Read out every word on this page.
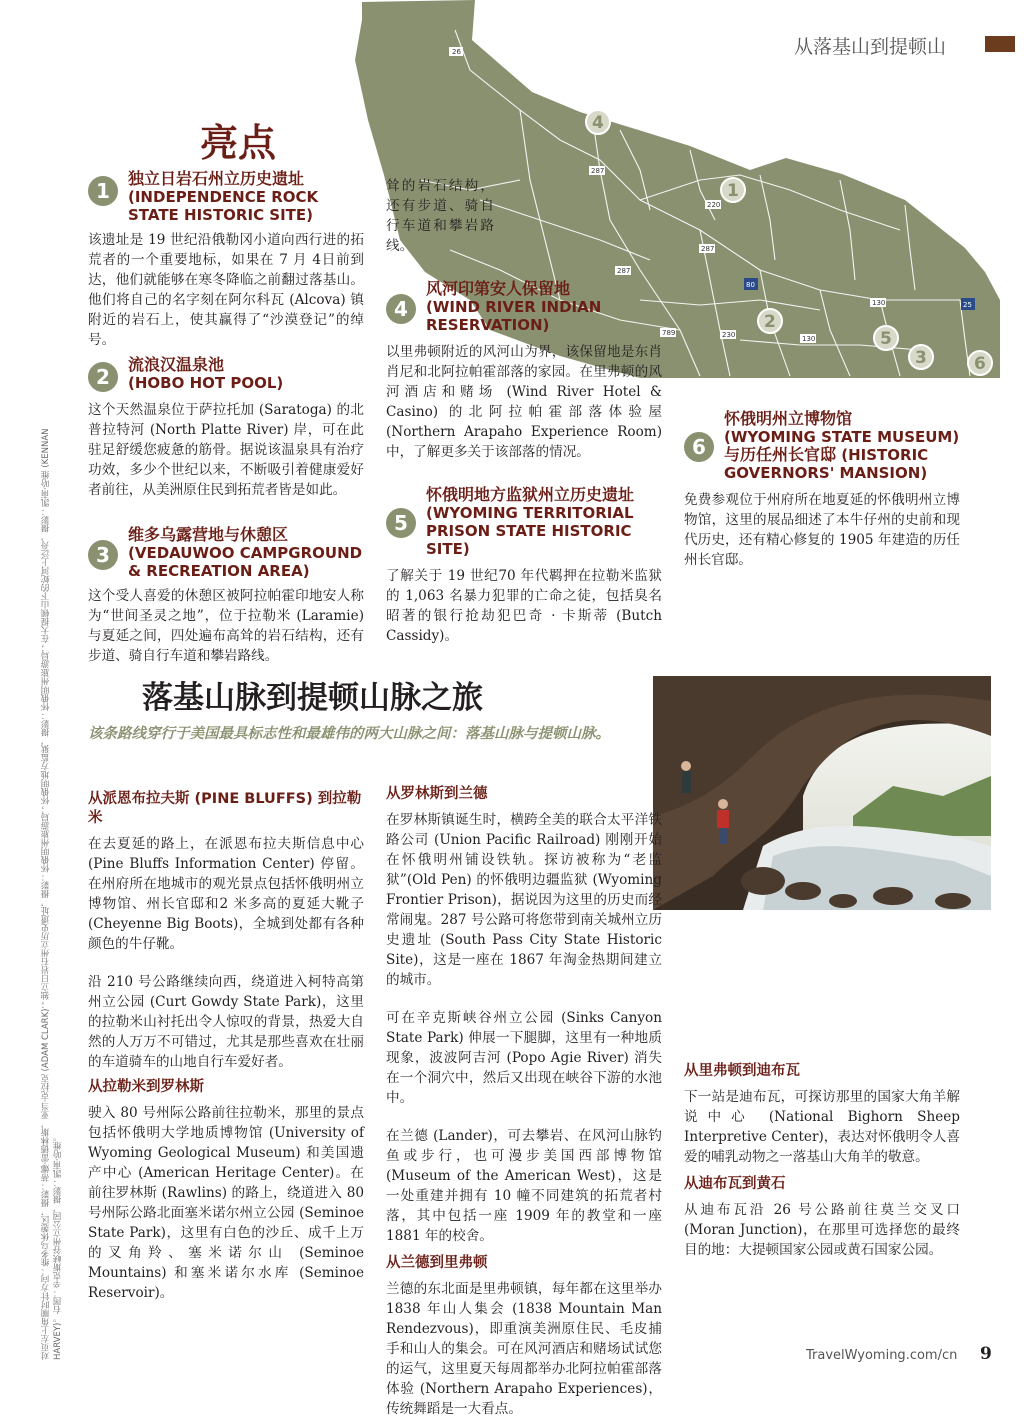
从落基山到提顿山
26
287
220
287
80
130
30
25
789
130
230
287
80
4
1
2
5
3	6
亮点
1

独立日岩石州立历史遗址

(INDEPENDENCE ROCK STATE HISTORIC SITE)

该遗址是 19 世纪沿俄勒冈小道向西行进的拓荒者的一个重要地标，如果在 7 月 4日前到达，他们就能够在寒冬降临之前翻过落基山。他们将自己的名字刻在阿尔科瓦 (Alcova) 镇附近的岩石上，使其赢得了“沙漠登记”的绰号。

2

流浪汉温泉池

(HOBO HOT POOL)

这个天然温泉位于萨拉托加 (Saratoga) 的北普拉特河 (North Platte River) 岸，可在此驻足舒缓您疲惫的筋骨。据说该温泉具有治疗功效，多少个世纪以来，不断吸引着健康爱好者前往，从美洲原住民到拓荒者皆是如此。

3

维多乌露营地与休憩区

(VEDAUWOO CAMPGROUND & RECREATION AREA)

这个受人喜爱的休憩区被阿拉帕霍印地安人称为“世间圣灵之地”，位于拉勒米 (Laramie) 与夏延之间，四处遍布高耸的岩石结构，还有步道、骑自行车道和攀岩路线。

耸的岩石结构，还有步道、骑自行车道和攀岩路线。

4

风河印第安人保留地

(WIND RIVER INDIAN RESERVATION)

以里弗顿附近的风河山为界，该保留地是东肖肖尼和北阿拉帕霍部落的家园。在里弗顿的风河酒店和赌场 (Wind River Hotel & Casino) 的北阿拉帕霍部落体验屋 (Northern Arapaho Experience Room) 中，了解更多关于该部落的情况。

5

怀俄明地方监狱州立历史遗址

(WYOMING TERRITORIAL PRISON STATE HISTORIC SITE)

了解关于 19 世纪70 年代羁押在拉勒米监狱的 1,063 名暴力犯罪的亡命之徒，包括臭名昭著的银行抢劫犯巴奇 · 卡斯蒂 (Butch Cassidy)。

6

怀俄明州立博物馆

(WYOMING STATE MUSEUM)

与历任州长官邸 (HISTORIC GOVERNORS' MANSION)

免费参观位于州府所在地夏延的怀俄明州立博物馆，这里的展品细述了本牛仔州的史前和现代历史，还有精心修复的 1905 年建造的历任州长官邸。

落基山脉到提顿山脉之旅
该条路线穿行于美国最具标志性和最雄伟的两大山脉之间：落基山脉与提顿山脉。

从派恩布拉夫斯 (PINE BLUFFS) 到拉勒米

在去夏延的路上，在派恩布拉夫斯信息中心 (Pine Bluffs Information Center) 停留。在州府所在地城市的观光景点包括怀俄明州立博物馆、州长官邸和2 米多高的夏延大靴子 (Cheyenne Big Boots)，全城到处都有各种颜色的牛仔靴。

沿 210 号公路继续向西，绕道进入柯特高第州立公园 (Curt Gowdy State Park)，这里的拉勒米山衬托出令人惊叹的背景，热爱大自然的人万万不可错过，尤其是那些喜欢在壮丽的车道骑车的山地自行车爱好者。

从拉勒米到罗林斯

驶入 80 号州际公路前往拉勒米，那里的景点包括怀俄明大学地质博物馆 (University of Wyoming Geological Museum) 和美国遗产中心 (American Heritage Center)。在前往罗林斯 (Rawlins) 的路上，绕道进入 80 号州际公路北面塞米诺尔州立公园 (Seminoe State Park)，这里有白色的沙丘、成千上万的叉角羚、塞米诺尔山 (Seminoe Mountains) 和塞米诺尔水库 (Seminoe Reservoir)。

从罗林斯到兰德

在罗林斯镇诞生时，横跨全美的联合太平洋铁路公司 (Union Pacific Railroad) 刚刚开始在怀俄明州铺设铁轨。探访被称为“老监狱”(Old Pen) 的怀俄明边疆监狱 (Wyoming Frontier Prison)，据说因为这里的历史而经常闹鬼。287 号公路可将您带到南关城州立历史遗址 (South Pass City State Historic Site)，这是一座在 1867 年淘金热期间建立的城市。

可在辛克斯峡谷州立公园 (Sinks Canyon State Park) 伸展一下腿脚，这里有一种地质现象，波波阿吉河 (Popo Agie River) 消失在一个洞穴中，然后又出现在峡谷下游的水池中。

在兰德 (Lander)，可去攀岩、在风河山脉钓鱼或步行，也可漫步美国西部博物馆 (Museum of the American West)，这是一处重建并拥有 10 幢不同建筑的拓荒者村落，其中包括一座 1909 年的教堂和一座 1881 年的校舍。

从兰德到里弗顿

兰德的东北面是里弗顿镇，每年都在这里举办 1838 年山人集会 (1838 Mountain Man Rendezvous)，即重演美洲原住民、毛皮捕手和山人的集会。可在风河酒店和赌场试试您的运气，这里夏天每周都举办北阿拉帕霍部落体验 (Northern Arapaho Experiences)，传统舞蹈是一大看点。

从里弗顿到迪布瓦

下一站是迪布瓦，可探访那里的国家大角羊解说中心 (National Bighorn Sheep Interpretive Center)，表达对怀俄明令人喜爱的哺乳动物之一落基山大角羊的敬意。

从迪布瓦到黄石

从迪布瓦沿 26 号公路前往莫兰交叉口 (Moran Junction)，在那里可选择您的最终目的地：大提顿国家公园或黄石国家公园。

对页左上角顺时针方向：维多乌休憩区，摄影：蒂娜·雷德林斯，亚当·克拉克 (ADAM CLARK)；独立日岩石州立历史遗址，摄影：怀俄明州旅游局；怀俄明地方监狱，摄影：怀俄明州旅游局；在大提顿山下的蛇河上泛舟，摄影：凯南·哈维 (KENNAN HARVEY)。右图：辛克斯峡谷州立公园，摄影：凯南·哈维。	TravelWyoming.com/cn 9
